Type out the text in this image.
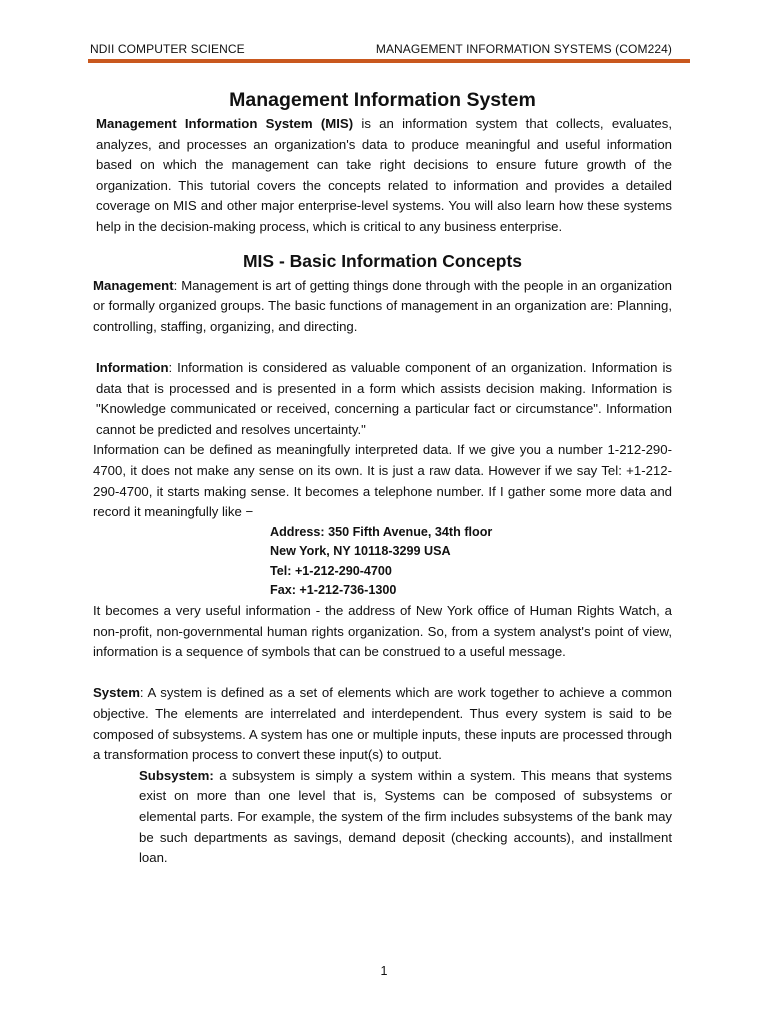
NDII COMPUTER SCIENCE	MANAGEMENT INFORMATION SYSTEMS (COM224)
Management Information System

Management Information System (MIS) is an information system that collects, evaluates, analyzes, and processes an organization's data to produce meaningful and useful information based on which the management can take right decisions to ensure future growth of the organization. This tutorial covers the concepts related to information and provides a detailed coverage on MIS and other major enterprise-level systems. You will also learn how these systems help in the decision-making process, which is critical to any business enterprise.

MIS - Basic Information Concepts

Management: Management is art of getting things done through with the people in an organization or formally organized groups. The basic functions of management in an organization are: Planning, controlling, staffing, organizing, and directing.

Information: Information is considered as valuable component of an organization. Information is data that is processed and is presented in a form which assists decision making. Information is "Knowledge communicated or received, concerning a particular fact or circumstance". Information cannot be predicted and resolves uncertainty."

Information can be defined as meaningfully interpreted data. If we give you a number 1-212-290-4700, it does not make any sense on its own. It is just a raw data. However if we say Tel: +1-212-290-4700, it starts making sense. It becomes a telephone number. If I gather some more data and record it meaningfully like −

Address: 350 Fifth Avenue, 34th floor
New York, NY 10118-3299 USA
Tel: +1-212-290-4700
Fax: +1-212-736-1300

It becomes a very useful information - the address of New York office of Human Rights Watch, a non-profit, non-governmental human rights organization. So, from a system analyst's point of view, information is a sequence of symbols that can be construed to a useful message.

System: A system is defined as a set of elements which are work together to achieve a common objective. The elements are interrelated and interdependent. Thus every system is said to be composed of subsystems. A system has one or multiple inputs, these inputs are processed through a transformation process to convert these input(s) to output.

Subsystem: a subsystem is simply a system within a system. This means that systems exist on more than one level that is, Systems can be composed of subsystems or elemental parts. For example, the system of the firm includes subsystems of the bank may be such departments as savings, demand deposit (checking accounts), and installment loan.

1
